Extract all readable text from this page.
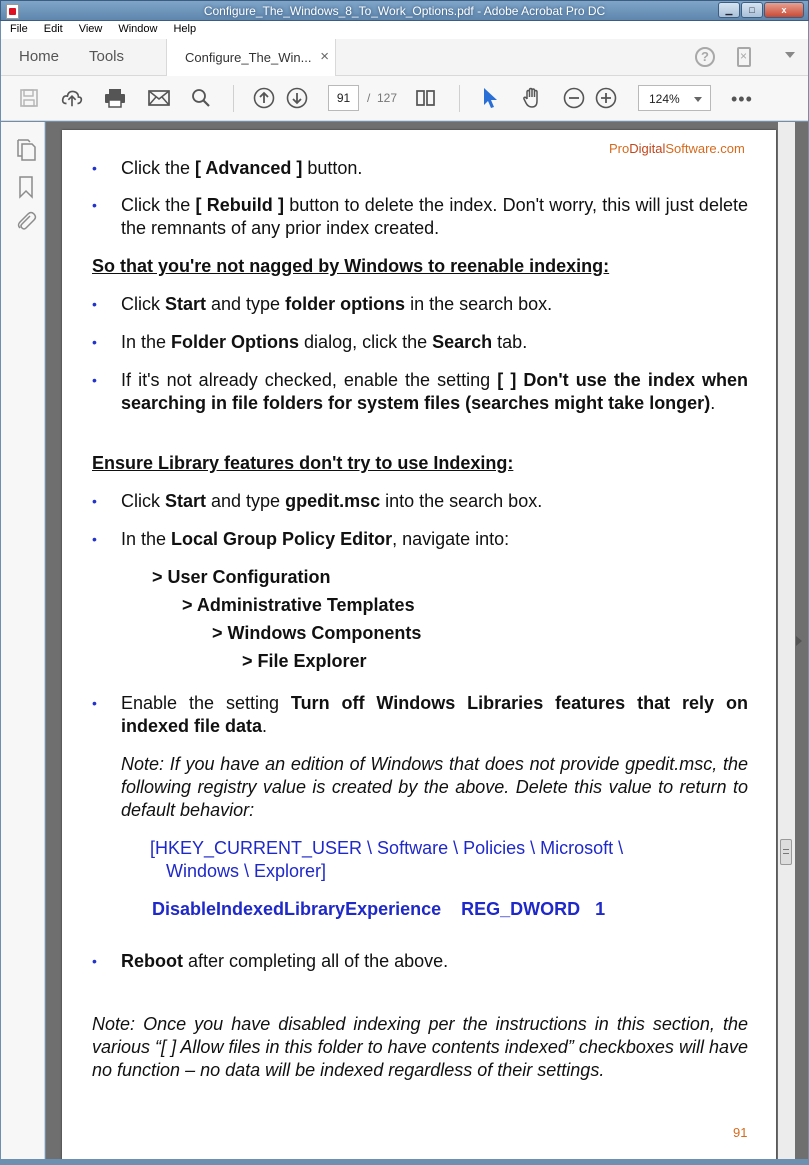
Configure_The_Windows_8_To_Work_Options.pdf - Adobe Acrobat Pro DC	▁	□	x
File	Edit	View	Window	Help
Home Tools	Configure_The_Win... ×	?
×
91	/ 127	124%	•••
ProDigitalSoftware.com
• Click the [ Advanced ] button.
• Click the [ Rebuild ] button to delete the index. Don't worry, this will just delete the remnants of any prior index created.
So that you're not nagged by Windows to reenable indexing:
• Click Start and type folder options in the search box.
• In the Folder Options dialog, click the Search tab.
• If it's not already checked, enable the setting [ ] Don't use the index when searching in file folders for system files (searches might take longer).
Ensure Library features don't try to use Indexing:
• Click Start and type gpedit.msc into the search box.
• In the Local Group Policy Editor, navigate into:
> User Configuration
> Administrative Templates
> Windows Components
> File Explorer
• Enable the setting Turn off Windows Libraries features that rely on indexed file data.
Note: If you have an edition of Windows that does not provide gpedit.msc, the following registry value is created by the above. Delete this value to return to default behavior:
[HKEY_CURRENT_USER \ Software \ Policies \ Microsoft \
Windows \ Explorer]
DisableIndexedLibraryExperience    REG_DWORD   1
• Reboot after completing all of the above.
Note: Once you have disabled indexing per the instructions in this section, the various “[ ] Allow files in this folder to have contents indexed” checkboxes will have no function – no data will be indexed regardless of their settings.
91
